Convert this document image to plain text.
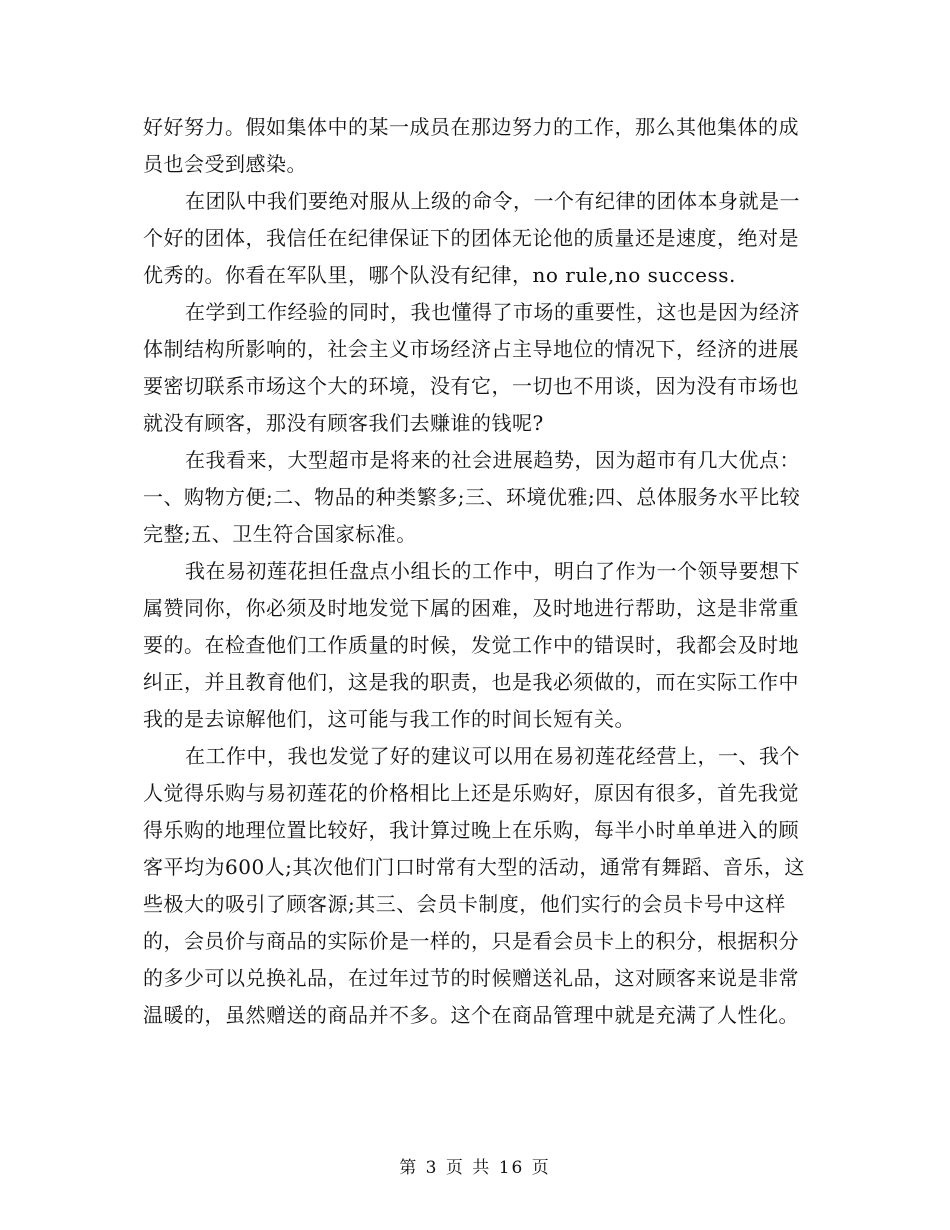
好好努力。假如集体中的某一成员在那边努力的工作，那么其他集体的成员也会受到感染。

在团队中我们要绝对服从上级的命令，一个有纪律的团体本身就是一个好的团体，我信任在纪律保证下的团体无论他的质量还是速度，绝对是优秀的。你看在军队里，哪个队没有纪律，no rule,no success.

在学到工作经验的同时，我也懂得了市场的重要性，这也是因为经济体制结构所影响的，社会主义市场经济占主导地位的情况下，经济的进展要密切联系市场这个大的环境，没有它，一切也不用谈，因为没有市场也就没有顾客，那没有顾客我们去赚谁的钱呢?

在我看来，大型超市是将来的社会进展趋势，因为超市有几大优点：一、购物方便;二、物品的种类繁多;三、环境优雅;四、总体服务水平比较完整;五、卫生符合国家标准。

我在易初莲花担任盘点小组长的工作中，明白了作为一个领导要想下属赞同你，你必须及时地发觉下属的困难，及时地进行帮助，这是非常重要的。在检查他们工作质量的时候，发觉工作中的错误时，我都会及时地纠正，并且教育他们，这是我的职责，也是我必须做的，而在实际工作中我的是去谅解他们，这可能与我工作的时间长短有关。

在工作中，我也发觉了好的建议可以用在易初莲花经营上，一、我个人觉得乐购与易初莲花的价格相比上还是乐购好，原因有很多，首先我觉得乐购的地理位置比较好，我计算过晚上在乐购，每半小时单单进入的顾客平均为600人;其次他们门口时常有大型的活动，通常有舞蹈、音乐，这些极大的吸引了顾客源;其三、会员卡制度，他们实行的会员卡号中这样的，会员价与商品的实际价是一样的，只是看会员卡上的积分，根据积分的多少可以兑换礼品，在过年过节的时候赠送礼品，这对顾客来说是非常温暖的，虽然赠送的商品并不多。这个在商品管理中就是充满了人性化。

第 3 页 共 16 页
